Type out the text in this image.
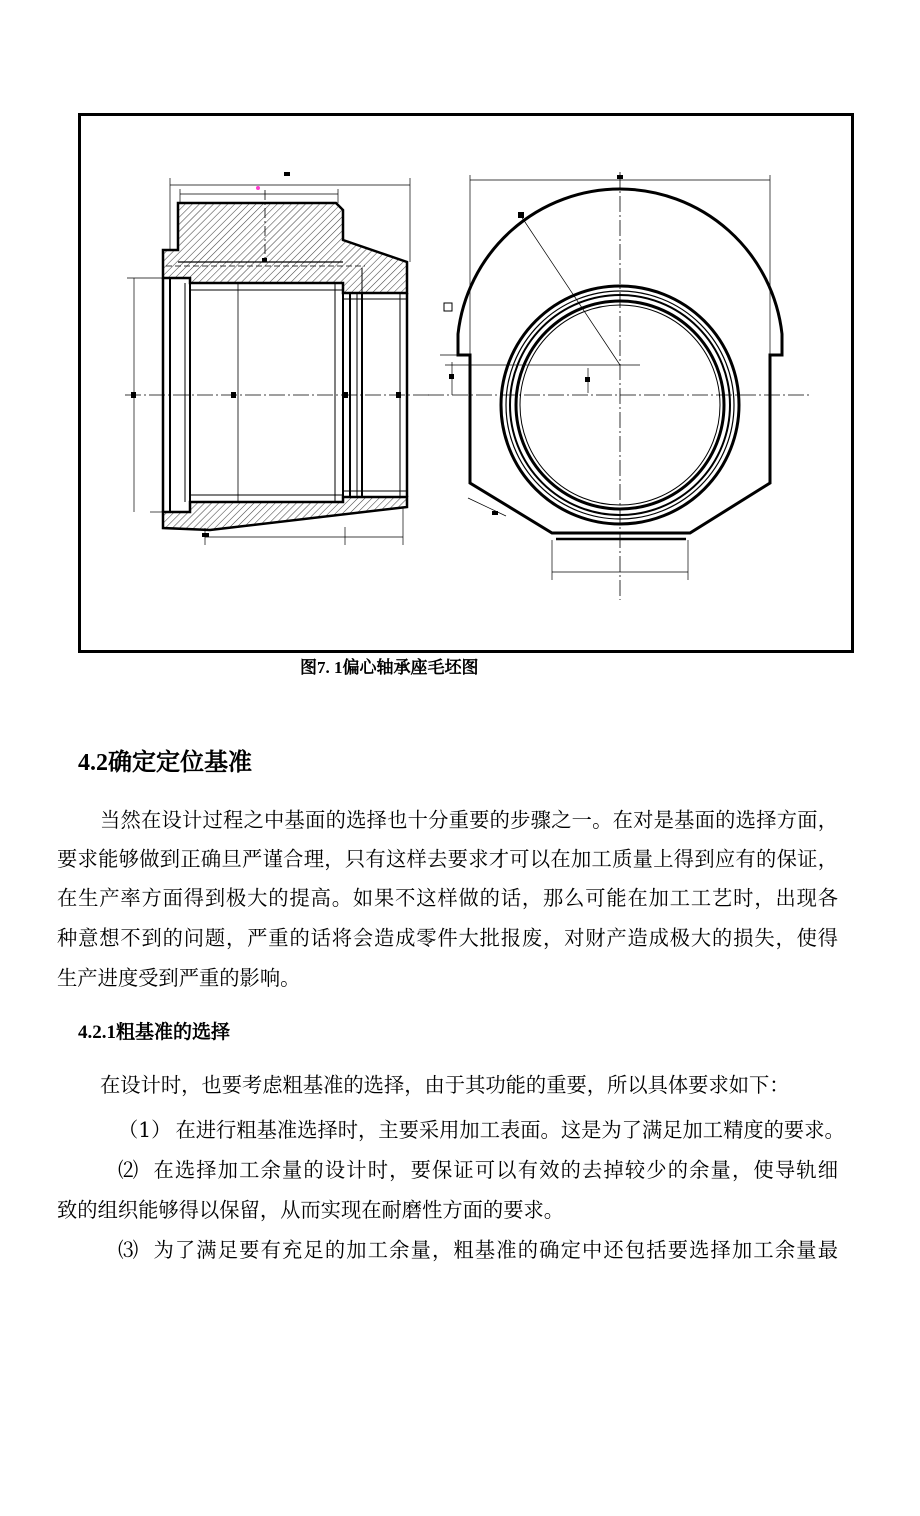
图7. 1偏心轴承座毛坯图
4.2确定定位基准
当然在设计过程之中基面的选择也十分重要的步骤之一。在对是基面的选择方面，
要求能够做到正确旦严谨合理，只有这样去要求才可以在加工质量上得到应有的保证，
在生产率方面得到极大的提高。如果不这样做的话，那么可能在加工工艺时，出现各
种意想不到的问题，严重的话将会造成零件大批报废，对财产造成极大的损失，使得
生产进度受到严重的影响。
4.2.1粗基准的选择
在设计时，也要考虑粗基准的选择，由于其功能的重要，所以具体要求如下：
（1） 在进行粗基准选择时，主要采用加工表面。这是为了满足加工精度的要求。
⑵ 在选择加工余量的设计时，要保证可以有效的去掉较少的余量，使导轨细
致的组织能够得以保留，从而实现在耐磨性方面的要求。
⑶ 为了满足要有充足的加工余量，粗基准的确定中还包括要选择加工余量最
